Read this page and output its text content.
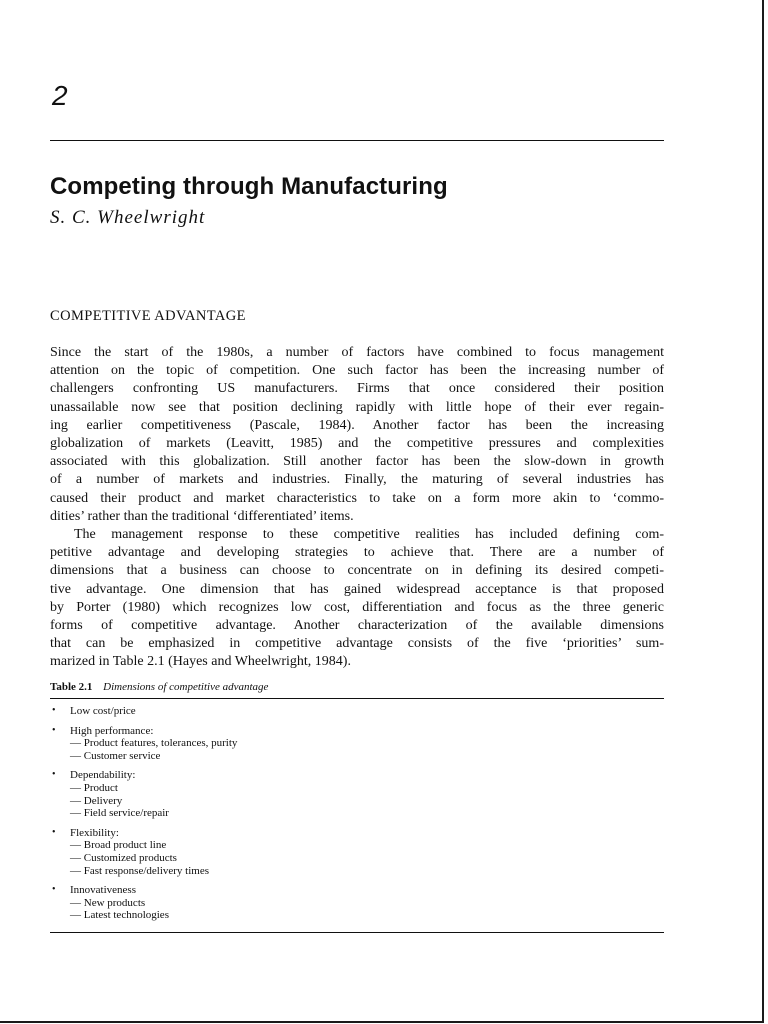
2
Competing through Manufacturing
S. C. Wheelwright
COMPETITIVE ADVANTAGE
Since the start of the 1980s, a number of factors have combined to focus management
attention on the topic of competition. One such factor has been the increasing number of
challengers confronting US manufacturers. Firms that once considered their position
unassailable now see that position declining rapidly with little hope of their ever regain-
ing earlier competitiveness (Pascale, 1984). Another factor has been the increasing
globalization of markets (Leavitt, 1985) and the competitive pressures and complexities
associated with this globalization. Still another factor has been the slow-down in growth
of a number of markets and industries. Finally, the maturing of several industries has
caused their product and market characteristics to take on a form more akin to ‘commo-
dities’ rather than the traditional ‘differentiated’ items.
The management response to these competitive realities has included defining com-
petitive advantage and developing strategies to achieve that. There are a number of
dimensions that a business can choose to concentrate on in defining its desired competi-
tive advantage. One dimension that has gained widespread acceptance is that proposed
by Porter (1980) which recognizes low cost, differentiation and focus as the three generic
forms of competitive advantage. Another characterization of the available dimensions
that can be emphasized in competitive advantage consists of the five ‘priorities’ sum-
marized in Table 2.1 (Hayes and Wheelwright, 1984).
Table 2.1 Dimensions of competitive advantage
• Low cost/price
• High performance:
— Product features, tolerances, purity
— Customer service
• Dependability:
— Product
— Delivery
— Field service/repair
• Flexibility:
— Broad product line
— Customized products
— Fast response/delivery times
• Innovativeness
— New products
— Latest technologies
